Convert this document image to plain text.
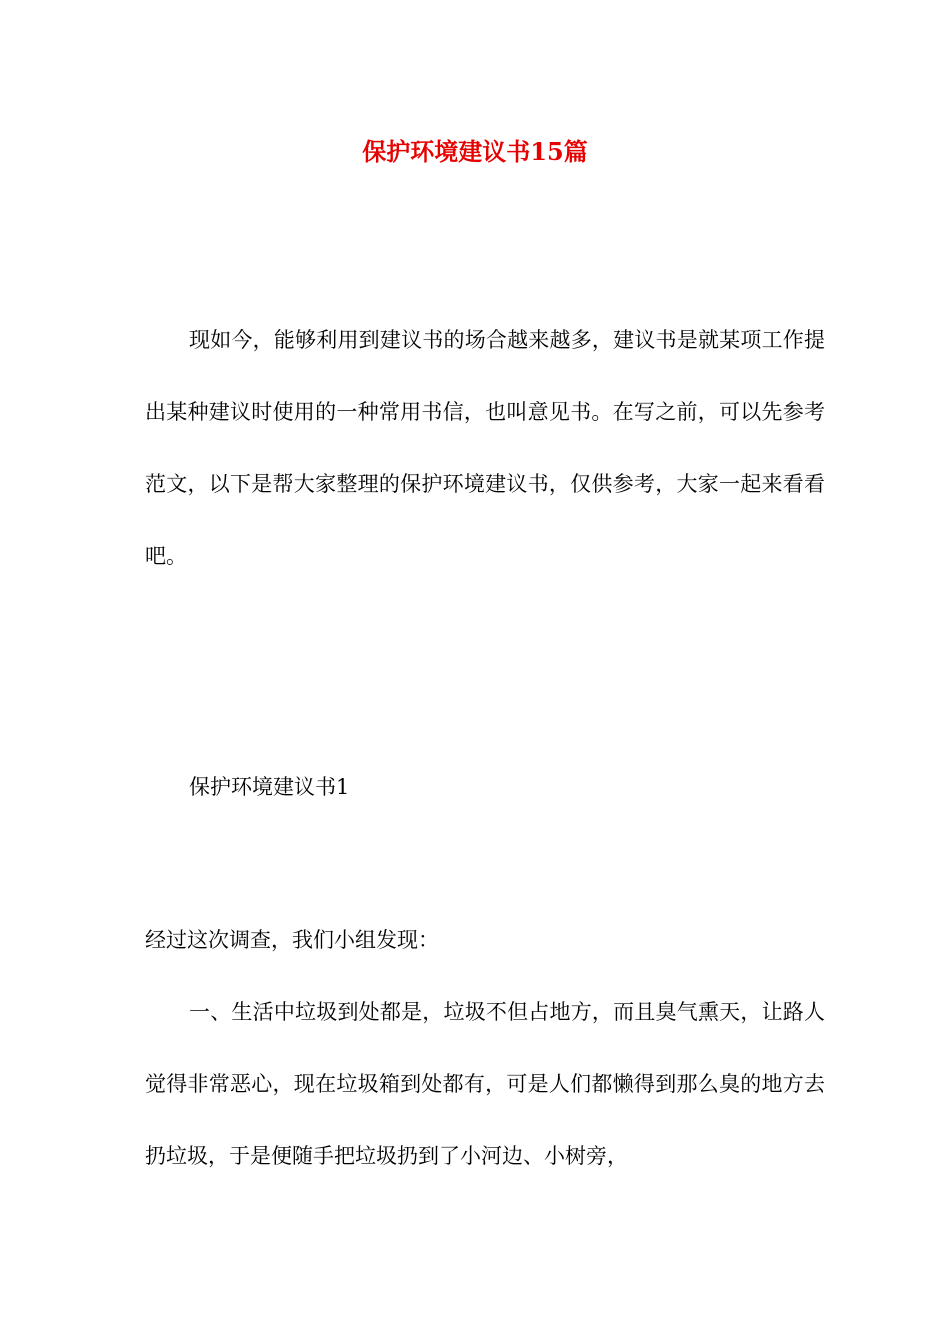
保护环境建议书15篇

现如今，能够利用到建议书的场合越来越多，建议书是就某项工作提出某种建议时使用的一种常用书信，也叫意见书。在写之前，可以先参考范文，以下是帮大家整理的保护环境建议书，仅供参考，大家一起来看看吧。

保护环境建议书1

经过这次调查，我们小组发现：

一、生活中垃圾到处都是，垃圾不但占地方，而且臭气熏天，让路人觉得非常恶心，现在垃圾箱到处都有，可是人们都懒得到那么臭的地方去扔垃圾，于是便随手把垃圾扔到了小河边、小树旁，
